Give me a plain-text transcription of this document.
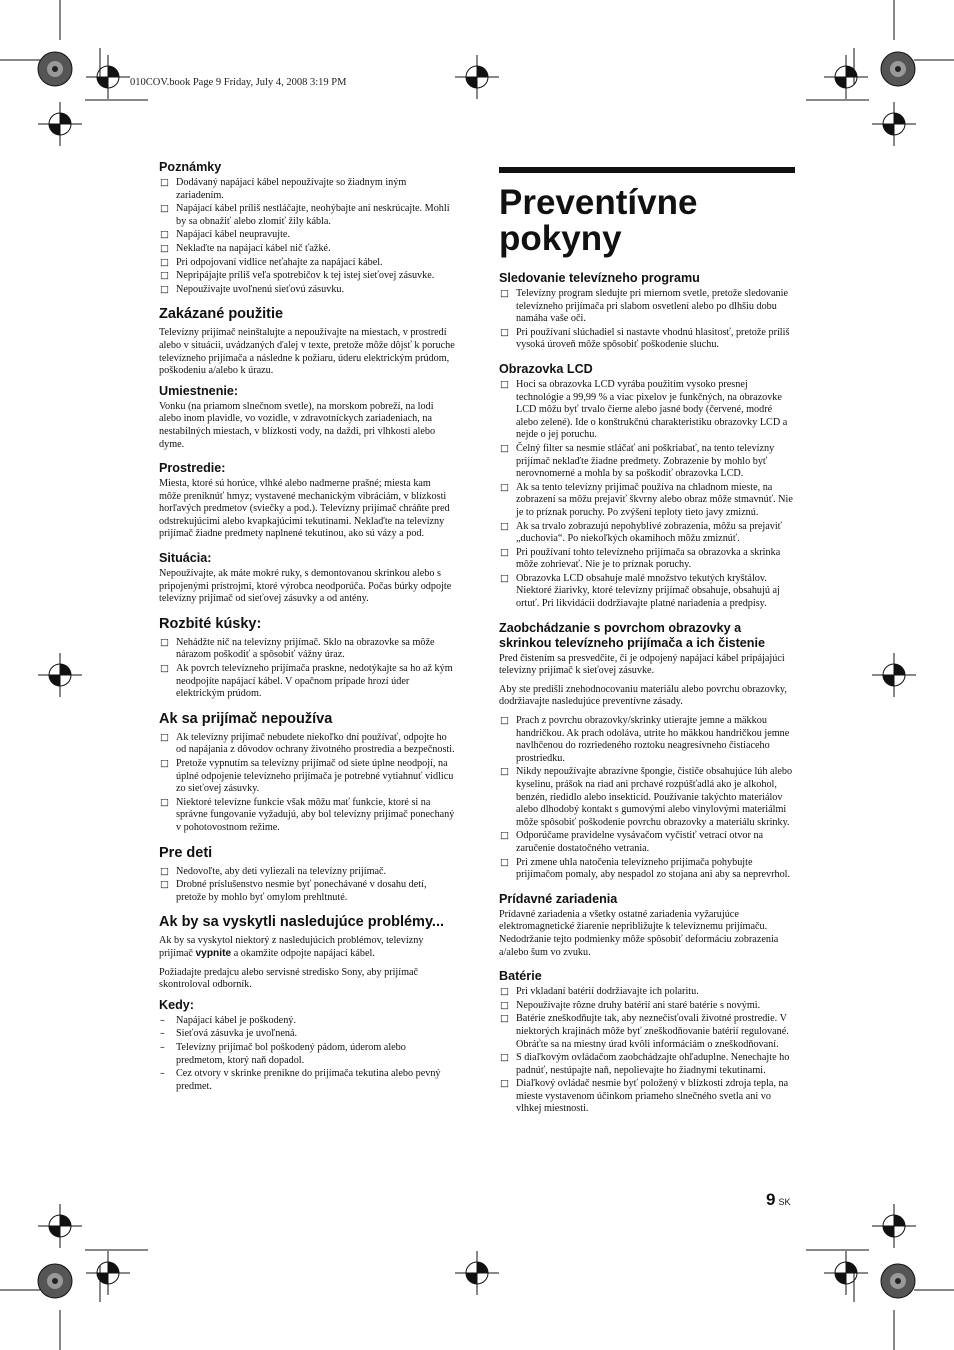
010COV.book Page 9 Friday, July 4, 2008 3:19 PM
Poznámky
□ Dodávaný napájací kábel nepoužívajte so žiadnym iným zariadením.
□ Napájací kábel príliš nestláčajte, neohýbajte ani neskrúcajte. Mohli by sa obnažiť alebo zlomiť žily kábla.
□ Napájací kábel neupravujte.
□ Neklaďte na napájací kábel nič ťažké.
□ Pri odpojovaní vidlice neťahajte za napájací kábel.
□ Nepripájajte príliš veľa spotrebičov k tej istej sieťovej zásuvke.
□ Nepoužívajte uvoľnenú sieťovú zásuvku.
Zakázané použitie

Televízny prijímač neinštalujte a nepoužívajte na miestach, v prostredí alebo v situácii, uvádzaných ďalej v texte, pretože môže dôjsť k poruche televízneho prijímača a následne k požiaru, úderu elektrickým prúdom, poškodeniu a/alebo k úrazu.

Umiestnenie:

Vonku (na priamom slnečnom svetle), na morskom pobreží, na lodi alebo inom plavidle, vo vozidle, v zdravotníckych zariadeniach, na nestabilných miestach, v blízkosti vody, na daždi, pri vlhkosti alebo dyme.

Prostredie:

Miesta, ktoré sú horúce, vlhké alebo nadmerne prašné; miesta kam môže preniknúť hmyz; vystavené mechanickým vibráciám, v blízkosti horľavých predmetov (sviečky a pod.). Televízny prijímač chráňte pred odstrekujúcimi alebo kvapkajúcimi tekutinami. Neklaďte na televízny prijímač žiadne predmety naplnené tekutinou, ako sú vázy a pod.

Situácia:

Nepoužívajte, ak máte mokré ruky, s demontovanou skrinkou alebo s pripojenými prístrojmi, ktoré výrobca neodporúča. Počas búrky odpojte televízny prijímač od sieťovej zásuvky a od antény.

Rozbité kúsky:
□ Nehádžte nič na televízny prijímač. Sklo na obrazovke sa môže nárazom poškodiť a spôsobiť vážny úraz.
□ Ak povrch televízneho prijímača praskne, nedotýkajte sa ho až kým neodpojíte napájací kábel. V opačnom prípade hrozí úder elektrickým prúdom.
Ak sa prijímač nepoužíva
□ Ak televízny prijímač nebudete niekoľko dní používať, odpojte ho od napájania z dôvodov ochrany životného prostredia a bezpečnosti.
□ Pretože vypnutím sa televízny prijímač od siete úplne neodpojí, na úplné odpojenie televízneho prijímača je potrebné vytiahnuť vidlicu zo sieťovej zásuvky.
□ Niektoré televízne funkcie však môžu mať funkcie, ktoré si na správne fungovanie vyžadujú, aby bol televízny prijímač ponechaný v pohotovostnom režime.
Pre deti
□ Nedovoľte, aby deti vyliezali na televízny prijímač.
□ Drobné príslušenstvo nesmie byť ponechávané v dosahu detí, pretože by mohlo byť omylom prehltnuté.
Ak by sa vyskytli nasledujúce problémy...

Ak by sa vyskytol niektorý z nasledujúcich problémov, televízny prijímač vypnite a okamžite odpojte napájací kábel.

Požiadajte predajcu alebo servisné stredisko Sony, aby prijímač skontroloval odborník.

Kedy:
– Napájací kábel je poškodený.
– Sieťová zásuvka je uvoľnená.
– Televízny prijímač bol poškodený pádom, úderom alebo predmetom, ktorý naň dopadol.
– Cez otvory v skrinke prenikne do prijímača tekutina alebo pevný predmet.
Preventívne pokyny
Sledovanie televízneho programu
□ Televízny program sledujte pri miernom svetle, pretože sledovanie televízneho prijímača pri slabom osvetlení alebo po dlhšiu dobu namáha vaše oči.
□ Pri používaní slúchadiel si nastavte vhodnú hlasitosť, pretože príliš vysoká úroveň môže spôsobiť poškodenie sluchu.
Obrazovka LCD
□ Hoci sa obrazovka LCD vyrába použitím vysoko presnej technológie a 99,99 % a viac pixelov je funkčných, na obrazovke LCD môžu byť trvalo čierne alebo jasné body (červené, modré alebo zelené). Ide o konštrukčnú charakteristiku obrazovky LCD a nejde o jej poruchu.
□ Čelný filter sa nesmie stláčať ani poškriabať, na tento televízny prijímač neklaďte žiadne predmety. Zobrazenie by mohlo byť nerovnomerné a mohla by sa poškodiť obrazovka LCD.
□ Ak sa tento televízny prijímač používa na chladnom mieste, na zobrazení sa môžu prejaviť škvrny alebo obraz môže stmavnúť. Nie je to príznak poruchy. Po zvýšení teploty tieto javy zmiznú.
□ Ak sa trvalo zobrazujú nepohyblivé zobrazenia, môžu sa prejaviť „duchovia“. Po niekoľkých okamihoch môžu zmiznúť.
□ Pri používaní tohto televízneho prijímača sa obrazovka a skrinka môže zohrievať. Nie je to príznak poruchy.
□ Obrazovka LCD obsahuje malé množstvo tekutých kryštálov. Niektoré žiarivky, ktoré televízny prijímač obsahuje, obsahujú aj ortuť. Pri likvidácii dodržiavajte platné nariadenia a predpisy.
Zaobchádzanie s povrchom obrazovky a skrinkou televízneho prijímača a ich čistenie

Pred čistením sa presvedčite, či je odpojený napájací kábel pripájajúci televízny prijímač k sieťovej zásuvke.

Aby ste predišli znehodnocovaniu materiálu alebo povrchu obrazovky, dodržiavajte nasledujúce preventívne zásady.

□ Prach z povrchu obrazovky/skrinky utierajte jemne a mäkkou handričkou. Ak prach odoláva, utrite ho mäkkou handričkou jemne navlhčenou do rozriedeného roztoku neagresívneho čistiaceho prostriedku.
□ Nikdy nepoužívajte abrazívne špongie, čističe obsahujúce lúh alebo kyselinu, prášok na riad ani prchavé rozpúšťadlá ako je alkohol, benzén, riedidlo alebo insekticíd. Používanie takýchto materiálov alebo dlhodobý kontakt s gumovými alebo vinylovými materiálmi môže spôsobiť poškodenie povrchu obrazovky a materiálu skrinky.
□ Odporúčame pravidelne vysávačom vyčistiť vetrací otvor na zaručenie dostatočného vetrania.
□ Pri zmene uhla natočenia televízneho prijímača pohybujte prijímačom pomaly, aby nespadol zo stojana ani aby sa neprevrhol.
Prídavné zariadenia

Prídavné zariadenia a všetky ostatné zariadenia vyžarujúce elektromagnetické žiarenie nepribližujte k televíznemu prijímaču. Nedodržanie tejto podmienky môže spôsobiť deformáciu zobrazenia a/alebo šum vo zvuku.

Batérie
□ Pri vkladaní batérií dodržiavajte ich polaritu.
□ Nepoužívajte rôzne druhy batérií ani staré batérie s novými.
□ Batérie zneškodňujte tak, aby neznečisťovali životné prostredie. V niektorých krajinách môže byť zneškodňovanie batérií regulované. Obráťte sa na miestny úrad kvôli informáciám o zneškodňovaní.
□ S diaľkovým ovládačom zaobchádzajte ohľaduplne. Nenechajte ho padnúť, nestúpajte naň, nepolievajte ho žiadnymi tekutinami.
□ Diaľkový ovládač nesmie byť položený v blízkosti zdroja tepla, na mieste vystavenom účinkom priameho slnečného svetla ani vo vlhkej miestnosti.
9 SK
